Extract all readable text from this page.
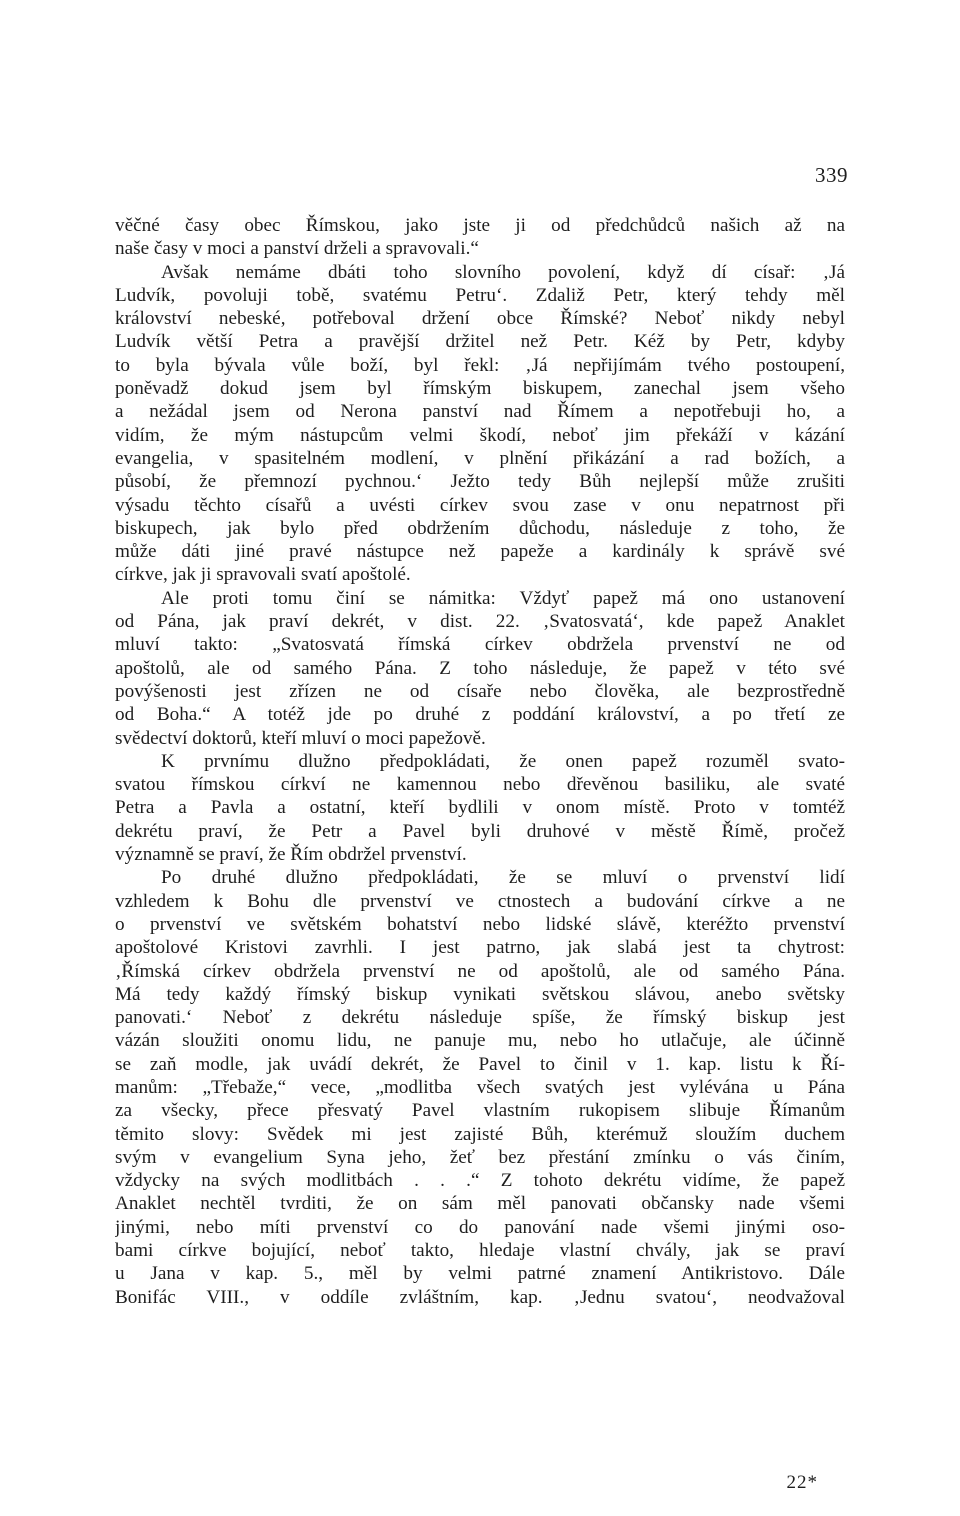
339
věčné časy obec Římskou, jako jste ji od předchůdců našich až na
naše časy v moci a panství drželi a spravovali.“
Avšak nemáme dbáti toho slovního povolení, když dí císař: ‚Já
Ludvík, povoluji tobě, svatému Petru‘. Zdaliž Petr, který tehdy měl
království nebeské, potřeboval držení obce Římské? Neboť nikdy nebyl
Ludvík větší Petra a pravější držitel než Petr. Kéž by Petr, kdyby
to byla bývala vůle boží, byl řekl: ‚Já nepřijímám tvého postoupení,
poněvadž dokud jsem byl římským biskupem, zanechal jsem všeho
a nežádal jsem od Nerona panství nad Římem a nepotřebuji ho, a
vidím, že mým nástupcům velmi škodí, neboť jim překáží v kázání
evangelia, v spasitelném modlení, v plnění přikázání a rad božích, a
působí, že přemnozí pychnou.‘ Ježto tedy Bůh nejlepší může zrušiti
výsadu těchto císařů a uvésti církev svou zase v onu nepatrnost při
biskupech, jak bylo před obdržením důchodu, následuje z toho, že
může dáti jiné pravé nástupce než papeže a kardinály k správě své
církve, jak ji spravovali svatí apoštolé.
Ale proti tomu činí se námitka: Vždyť papež má ono ustanovení
od Pána, jak praví dekrét, v dist. 22. ‚Svatosvatá‘, kde papež Anaklet
mluví takto: „Svatosvatá římská církev obdržela prvenství ne od
apoštolů, ale od samého Pána. Z toho následuje, že papež v této své
povýšenosti jest zřízen ne od císaře nebo člověka, ale bezprostředně
od Boha.“ A totéž jde po druhé z poddání království, a po třetí ze
svědectví doktorů, kteří mluví o moci papežově.
K prvnímu dlužno předpokládati, že onen papež rozuměl svato-
svatou římskou církví ne kamennou nebo dřevěnou basiliku, ale svaté
Petra a Pavla a ostatní, kteří bydlili v onom místě. Proto v tomtéž
dekrétu praví, že Petr a Pavel byli druhové v městě Římě, pročež
významně se praví, že Řím obdržel prvenství.
Po druhé dlužno předpokládati, že se mluví o prvenství lidí
vzhledem k Bohu dle prvenství ve ctnostech a budování církve a ne
o prvenství ve světském bohatství nebo lidské slávě, kteréžto prvenství
apoštolové Kristovi zavrhli. I jest patrno, jak slabá jest ta chytrost:
‚Římská církev obdržela prvenství ne od apoštolů, ale od samého Pána.
Má tedy každý římský biskup vynikati světskou slávou, anebo světsky
panovati.‘ Neboť z dekrétu následuje spíše, že římský biskup jest
vázán sloužiti onomu lidu, ne panuje mu, nebo ho utlačuje, ale účinně
se zaň modle, jak uvádí dekrét, že Pavel to činil v 1. kap. listu k Ří-
manům: „Třebaže,“ vece, „modlitba všech svatých jest vylévána u Pána
za všecky, přece přesvatý Pavel vlastním rukopisem slibuje Římanům
těmito slovy: Svědek mi jest zajisté Bůh, kterémuž sloužím duchem
svým v evangelium Syna jeho, žeť bez přestání zmínku o vás činím,
vždycky na svých modlitbách . . .“ Z tohoto dekrétu vidíme, že papež
Anaklet nechtěl tvrditi, že on sám měl panovati občansky nade všemi
jinými, nebo míti prvenství co do panování nade všemi jinými oso-
bami církve bojující, neboť takto, hledaje vlastní chvály, jak se praví
u Jana v kap. 5., měl by velmi patrné znamení Antikristovo. Dále
Bonifác VIII., v oddíle zvláštním, kap. ‚Jednu svatou‘, neodvažoval
22*
